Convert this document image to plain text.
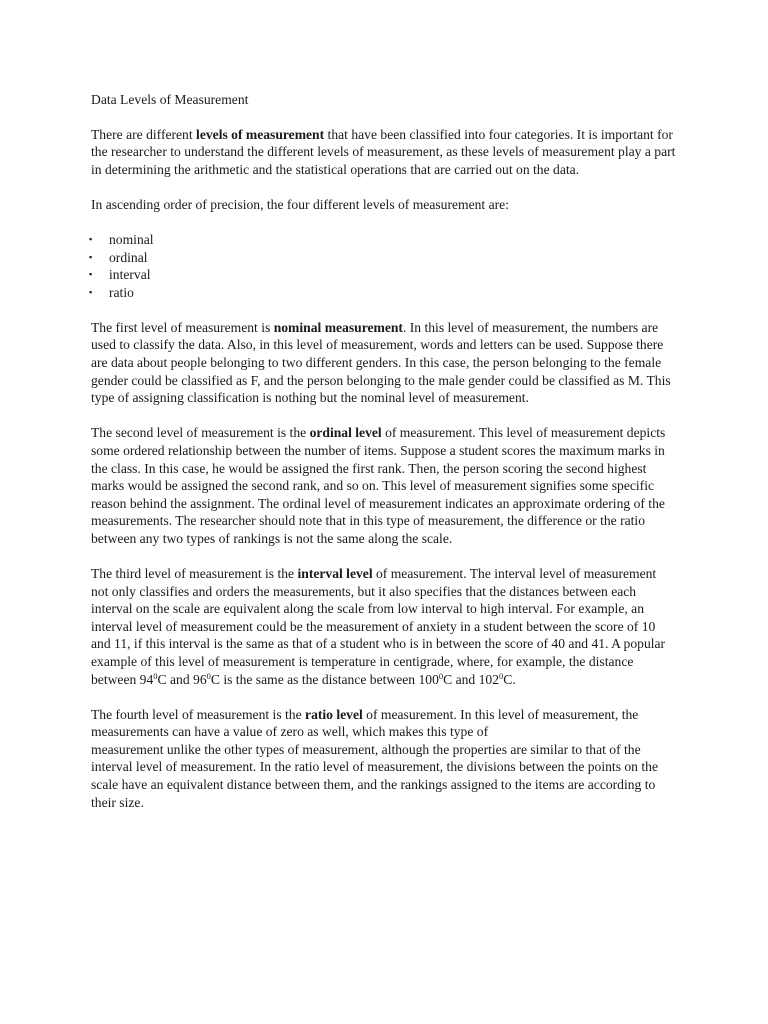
Data Levels of Measurement

There are different levels of measurement that have been classified into four categories. It is important for the researcher to understand the different levels of measurement, as these levels of measurement play a part in determining the arithmetic and the statistical operations that are carried out on the data.

In ascending order of precision, the four different levels of measurement are:

▪ nominal
▪ ordinal
▪ interval
▪ ratio

The first level of measurement is nominal measurement. In this level of measurement, the numbers are used to classify the data. Also, in this level of measurement, words and letters can be used. Suppose there are data about people belonging to two different genders. In this case, the person belonging to the female gender could be classified as F, and the person belonging to the male gender could be classified as M. This type of assigning classification is nothing but the nominal level of measurement.

The second level of measurement is the ordinal level of measurement. This level of measurement depicts some ordered relationship between the number of items. Suppose a student scores the maximum marks in the class. In this case, he would be assigned the first rank. Then, the person scoring the second highest marks would be assigned the second rank, and so on. This level of measurement signifies some specific reason behind the assignment. The ordinal level of measurement indicates an approximate ordering of the measurements. The researcher should note that in this type of measurement, the difference or the ratio between any two types of rankings is not the same along the scale.

The third level of measurement is the interval level of measurement. The interval level of measurement not only classifies and orders the measurements, but it also specifies that the distances between each interval on the scale are equivalent along the scale from low interval to high interval. For example, an interval level of measurement could be the measurement of anxiety in a student between the score of 10 and 11, if this interval is the same as that of a student who is in between the score of 40 and 41. A popular example of this level of measurement is temperature in centigrade, where, for example, the distance between $94^0C$ and $96^0C$ is the same as the distance between $100^0C$ and $102^0C$.

The fourth level of measurement is the ratio level of measurement. In this level of measurement, the measurements can have a value of zero as well, which makes this type of
measurement unlike the other types of measurement, although the properties are similar to that of the interval level of measurement. In the ratio level of measurement, the divisions between the points on the scale have an equivalent distance between them, and the rankings assigned to the items are according to their size.
